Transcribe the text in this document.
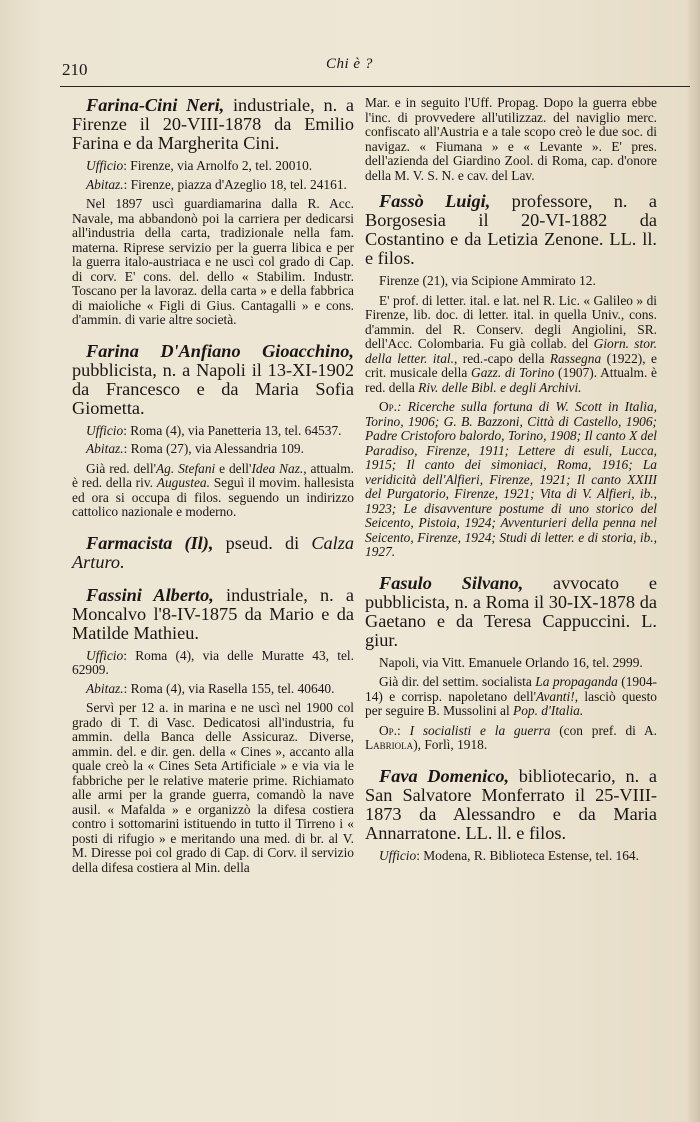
210	Chi è ?

Farina-Cini Neri, industriale, n. a Firenze il 20-VIII-1878 da Emilio Farina e da Margherita Cini.

Ufficio: Firenze, via Arnolfo 2, tel. 20010.

Abitaz.: Firenze, piazza d'Azeglio 18, tel. 24161.

Nel 1897 uscì guardiamarina dalla R. Acc. Navale, ma abbandonò poi la carriera per dedicarsi all'industria della carta, tradizionale nella fam. materna. Riprese servizio per la guerra libica e per la guerra italo-austriaca e ne uscì col grado di Cap. di corv. E' cons. del. dello « Stabilim. Industr. Toscano per la lavoraz. della carta » e della fabbrica di maioliche « Figli di Gius. Cantagalli » e cons. d'ammin. di varie altre società.

Farina D'Anfiano Gioacchino, pubblicista, n. a Napoli il 13-XI-1902 da Francesco e da Maria Sofia Giometta.

Ufficio: Roma (4), via Panetteria 13, tel. 64537.

Abitaz.: Roma (27), via Alessandria 109.

Già red. dell'Ag. Stefani e dell'Idea Naz., attualm. è red. della riv. Augustea. Seguì il movim. hallesista ed ora si occupa di filos. seguendo un indirizzo cattolico nazionale e moderno.

Farmacista (Il), pseud. di Calza Arturo.

Fassini Alberto, industriale, n. a Moncalvo l'8-IV-1875 da Mario e da Matilde Mathieu.

Ufficio: Roma (4), via delle Muratte 43, tel. 62909.

Abitaz.: Roma (4), via Rasella 155, tel. 40640.

Servì per 12 a. in marina e ne uscì nel 1900 col grado di T. di Vasc. Dedicatosi all'industria, fu ammin. della Banca delle Assicuraz. Diverse, ammin. del. e dir. gen. della « Cines », accanto alla quale creò la « Cines Seta Artificiale » e via via le fabbriche per le relative materie prime. Richiamato alle armi per la grande guerra, comandò la nave ausil. « Mafalda » e organizzò la difesa costiera contro i sottomarini istituendo in tutto il Tirreno i « posti di rifugio » e meritando una med. di br. al V. M. Diresse poi col grado di Cap. di Corv. il servizio della difesa costiera al Min. della

Mar. e in seguito l'Uff. Propag. Dopo la guerra ebbe l'inc. di provvedere all'utilizzaz. del naviglio merc. confiscato all'Austria e a tale scopo creò le due soc. di navigaz. « Fiumana » e « Levante ». E' pres. dell'azienda del Giardino Zool. di Roma, cap. d'onore della M. V. S. N. e cav. del Lav.

Fassò Luigi, professore, n. a Borgosesia il 20-VI-1882 da Costantino e da Letizia Zenone. LL. ll. e filos.

Firenze (21), via Scipione Ammirato 12.

E' prof. di letter. ital. e lat. nel R. Lic. « Galileo » di Firenze, lib. doc. di letter. ital. in quella Univ., cons. d'ammin. del R. Conserv. degli Angiolini, SR. dell'Acc. Colombaria. Fu già collab. del Giorn. stor. della letter. ital., red.-capo della Rassegna (1922), e crit. musicale della Gazz. di Torino (1907). Attualm. è red. della Riv. delle Bibl. e degli Archivi.

Op.: Ricerche sulla fortuna di W. Scott in Italia, Torino, 1906; G. B. Bazzoni, Città di Castello, 1906; Padre Cristoforo balordo, Torino, 1908; Il canto X del Paradiso, Firenze, 1911; Lettere di esuli, Lucca, 1915; Il canto dei simoniaci, Roma, 1916; La veridicità dell'Alfieri, Firenze, 1921; Il canto XXIII del Purgatorio, Firenze, 1921; Vita di V. Alfieri, ib., 1923; Le disavventure postume di uno storico del Seicento, Pistoia, 1924; Avventurieri della penna nel Seicento, Firenze, 1924; Studi di letter. e di storia, ib., 1927.

Fasulo Silvano, avvocato e pubblicista, n. a Roma il 30-IX-1878 da Gaetano e da Teresa Cappuccini. L. giur.

Napoli, via Vitt. Emanuele Orlando 16, tel. 2999.

Già dir. del settim. socialista La propaganda (1904-14) e corrisp. napoletano dell'Avanti!, lasciò questo per seguire B. Mussolini al Pop. d'Italia.

Op.: I socialisti e la guerra (con pref. di A. Labriola), Forlì, 1918.

Fava Domenico, bibliotecario, n. a San Salvatore Monferrato il 25-VIII-1873 da Alessandro e da Maria Annarratone. LL. ll. e filos.

Ufficio: Modena, R. Biblioteca Estense, tel. 164.
